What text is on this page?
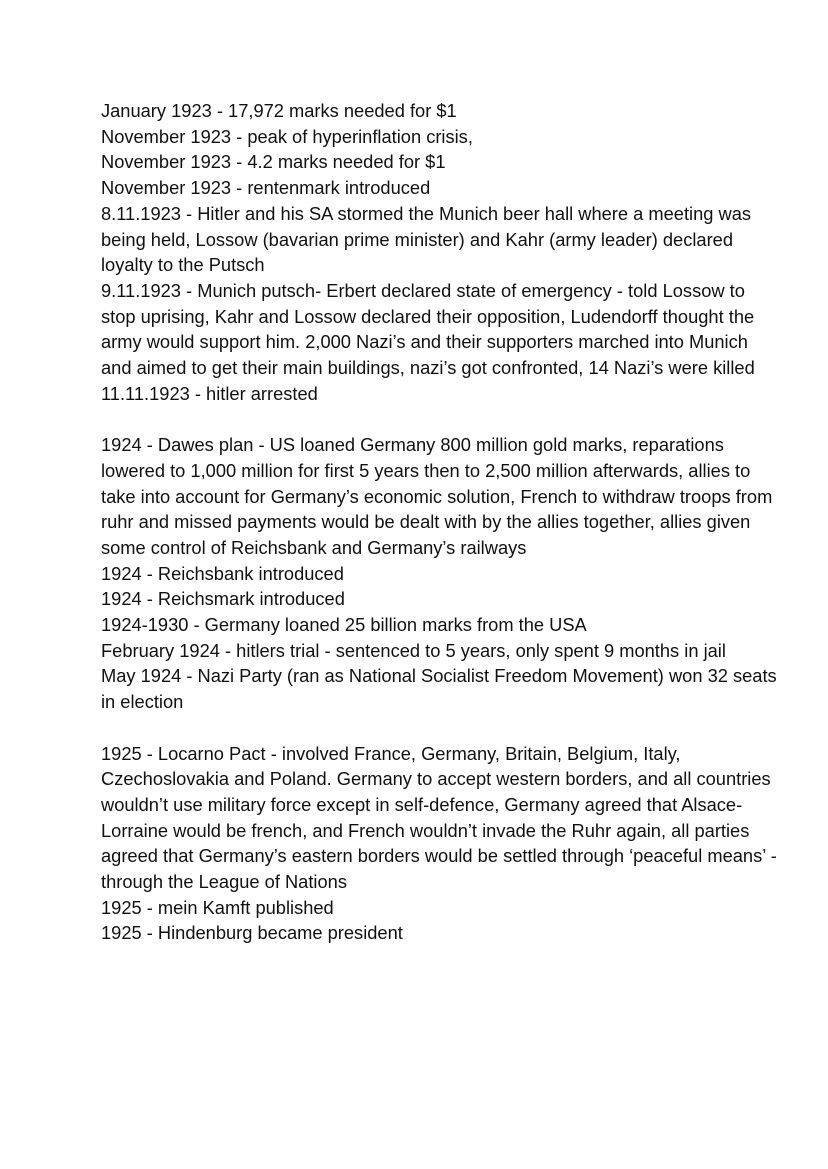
January 1923 - 17,972 marks needed for $1

November 1923 - peak of hyperinflation crisis,

November 1923 - 4.2 marks needed for $1

November 1923 - rentenmark introduced

8.11.1923 - Hitler and his SA stormed the Munich beer hall where a meeting was being held, Lossow (bavarian prime minister) and Kahr (army leader) declared loyalty to the Putsch

9.11.1923 - Munich putsch- Erbert declared state of emergency - told Lossow to stop uprising, Kahr and Lossow declared their opposition, Ludendorff thought the army would support him. 2,000 Nazi’s and their supporters marched into Munich and aimed to get their main buildings, nazi’s got confronted, 14 Nazi’s were killed

11.11.1923 - hitler arrested

1924 - Dawes plan - US loaned Germany 800 million gold marks, reparations lowered to 1,000 million for first 5 years then to 2,500 million afterwards, allies to take into account for Germany’s economic solution, French to withdraw troops from ruhr and missed payments would be dealt with by the allies together, allies given some control of Reichsbank and Germany’s railways

1924 - Reichsbank introduced

1924 - Reichsmark introduced

1924-1930 - Germany loaned 25 billion marks from the USA

February 1924 - hitlers trial - sentenced to 5 years, only spent 9 months in jail

May 1924 - Nazi Party (ran as National Socialist Freedom Movement) won 32 seats in election

1925 - Locarno Pact - involved France, Germany, Britain, Belgium, Italy, Czechoslovakia and Poland. Germany to accept western borders, and all countries wouldn’t use military force except in self-defence, Germany agreed that Alsace-Lorraine would be french, and French wouldn’t invade the Ruhr again, all parties agreed that Germany’s eastern borders would be settled through ‘peaceful means’ - through the League of Nations

1925 - mein Kamft published

1925 - Hindenburg became president
